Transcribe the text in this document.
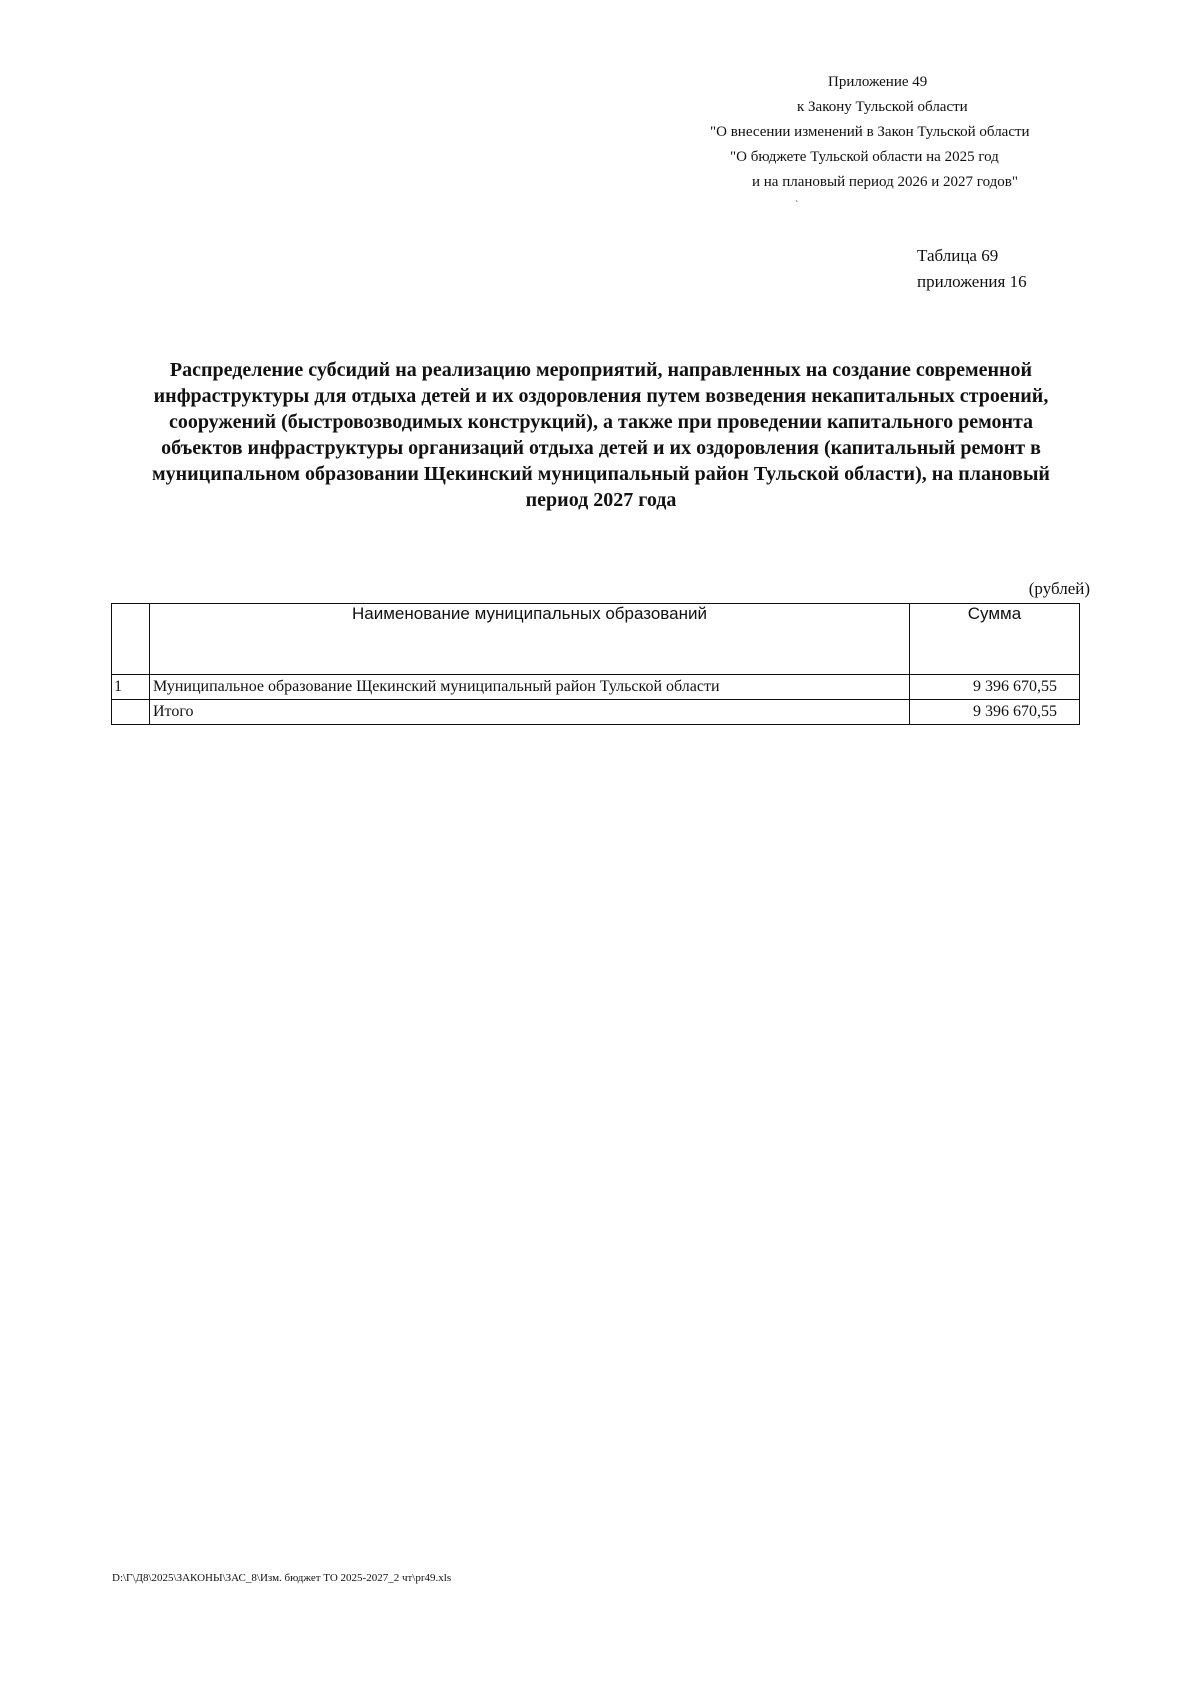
Приложение 49
к Закону Тульской области
"О внесении изменений в Закон Тульской области
"О бюджете Тульской области на 2025 год
и на плановый период 2026 и 2027 годов"
`
Таблица 69
приложения 16
Распределение субсидий на реализацию мероприятий, направленных на создание современной
инфраструктуры для отдыха детей и их оздоровления путем возведения некапитальных строений,
сооружений (быстровозводимых конструкций), а также при проведении капитального ремонта
объектов инфраструктуры организаций отдыха детей и их оздоровления (капитальный ремонт в
муниципальном образовании Щекинский муниципальный район Тульской области), на плановый
период 2027 года
(рублей)
	Наименование муниципальных образований	Сумма
1	Муниципальное образование Щекинский муниципальный район Тульской области	9 396 670,55
	Итого	9 396 670,55
D:\Г\Д8\2025\ЗАКОНЫ\ЗАС_8\Изм. бюджет ТО 2025-2027_2 чт\pr49.xls
